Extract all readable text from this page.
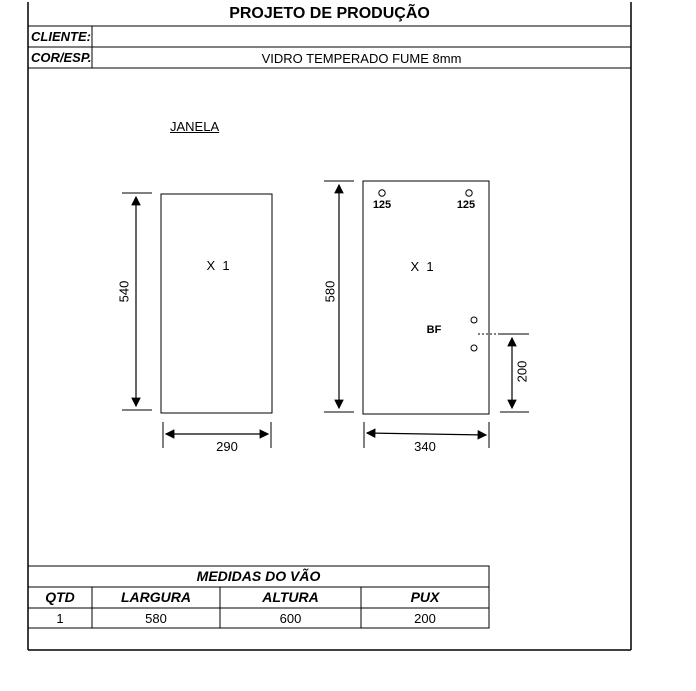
PROJETO DE PRODUÇÃO
CLIENTE:
COR/ESP.	VIDRO TEMPERADO FUME 8mm
JANELA
540
290
X  1
580
340
X  1
125	125
BF
200
MEDIDAS DO VÃO
QTD	LARGURA	ALTURA	PUX
1	580	600	200
